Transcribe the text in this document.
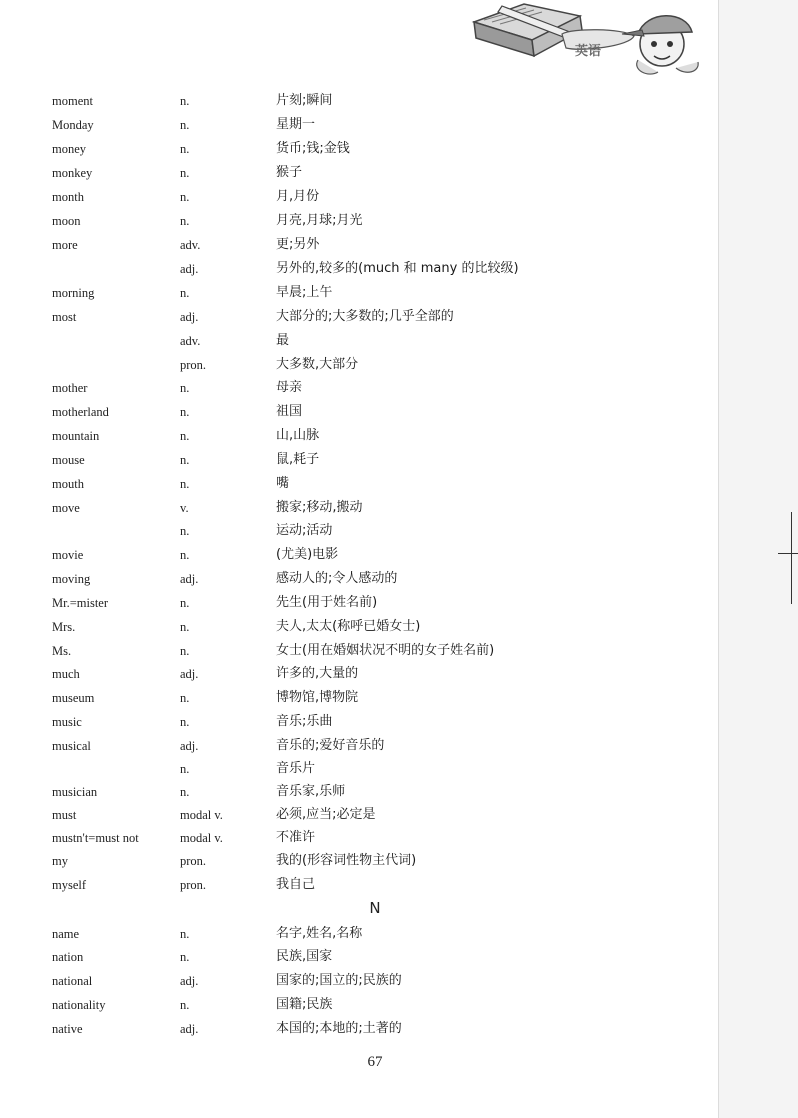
英语
moment	n.	片刻;瞬间
Monday	n.	星期一
money	n.	货币;钱;金钱
monkey	n.	猴子
month	n.	月,月份
moon	n.	月亮,月球;月光
more	adv.	更;另外
adj.	另外的,较多的(much 和 many 的比较级)
morning	n.	早晨;上午
most	adj.	大部分的;大多数的;几乎全部的
adv.	最
pron.	大多数,大部分
mother	n.	母亲
motherland	n.	祖国
mountain	n.	山,山脉
mouse	n.	鼠,耗子
mouth	n.	嘴
move	v.	搬家;移动,搬动
n.	运动;活动
movie	n.	(尤美)电影
moving	adj.	感动人的;令人感动的
Mr.=mister	n.	先生(用于姓名前)
Mrs.	n.	夫人,太太(称呼已婚女士)
Ms.	n.	女士(用在婚姻状况不明的女子姓名前)
much	adj.	许多的,大量的
museum	n.	博物馆,博物院
music	n.	音乐;乐曲
musical	adj.	音乐的;爱好音乐的
n.	音乐片
musician	n.	音乐家,乐师
must	modal v.	必须,应当;必定是
mustn't=must not	modal v.	不准许
my	pron.	我的(形容词性物主代词)
myself	pron.	我自己
N
name	n.	名字,姓名,名称
nation	n.	民族,国家
national	adj.	国家的;国立的;民族的
nationality	n.	国籍;民族
native	adj.	本国的;本地的;土著的
67
